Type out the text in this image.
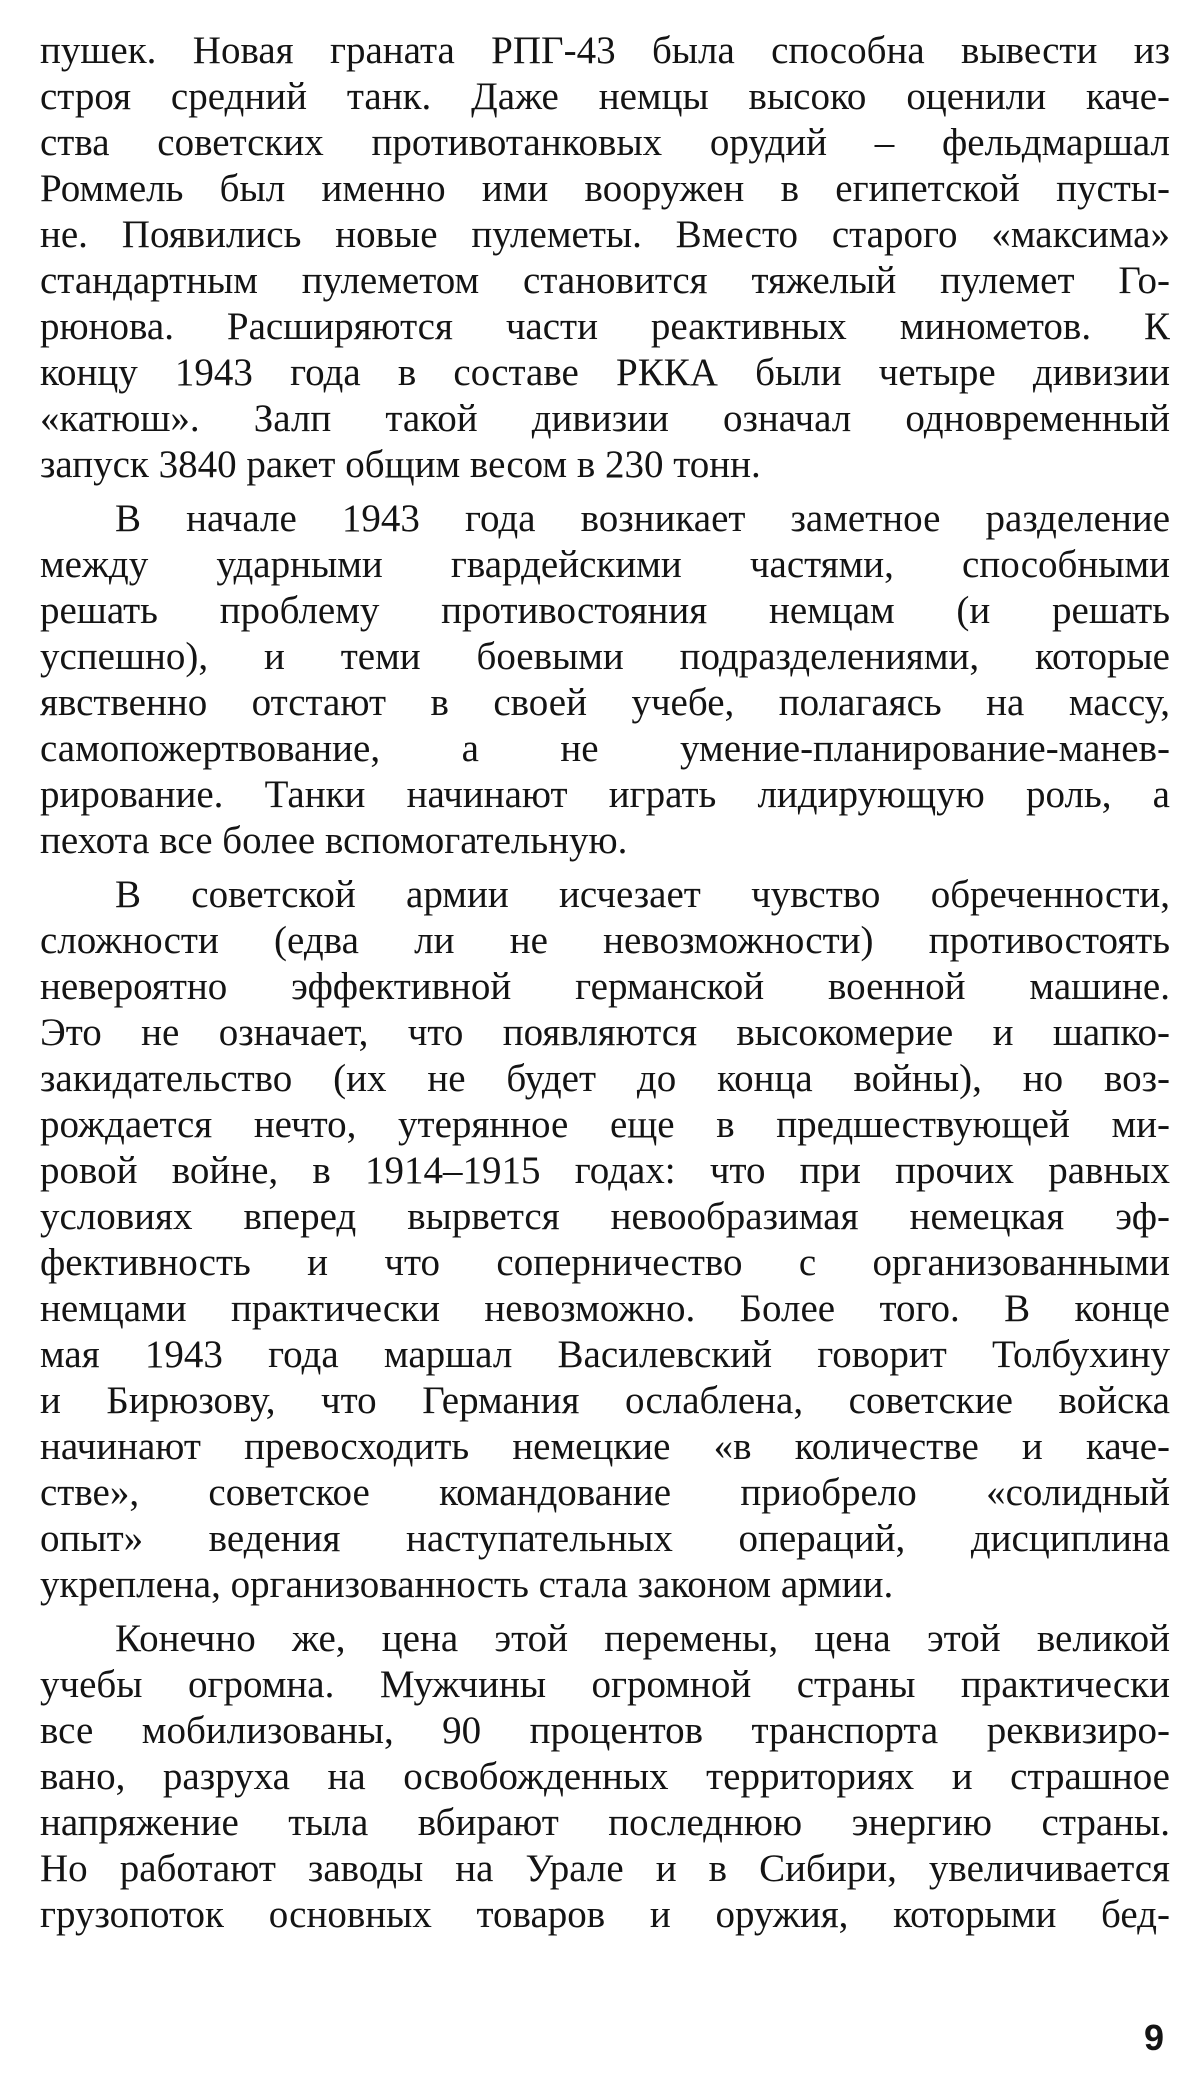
пушек. Новая граната РПГ-43 была способна вывести из
строя средний танк. Даже немцы высоко оценили каче-
ства советских противотанковых орудий – фельдмаршал
Роммель был именно ими вооружен в египетской пусты-
не. Появились новые пулеметы. Вместо старого «максима»
стандартным пулеметом становится тяжелый пулемет Го-
рюнова. Расширяются части реактивных минометов. К
концу 1943 года в составе РККА были четыре дивизии
«катюш». Залп такой дивизии означал одновременный
запуск 3840 ракет общим весом в 230 тонн.
В начале 1943 года возникает заметное разделение
между ударными гвардейскими частями, способными
решать проблему противостояния немцам (и решать
успешно), и теми боевыми подразделениями, которые
явственно отстают в своей учебе, полагаясь на массу,
самопожертвование, а не умение-планирование-манев-
рирование. Танки начинают играть лидирующую роль, а
пехота все более вспомогательную.
В советской армии исчезает чувство обреченности,
сложности (едва ли не невозможности) противостоять
невероятно эффективной германской военной машине.
Это не означает, что появляются высокомерие и шапко-
закидательство (их не будет до конца войны), но воз-
рождается нечто, утерянное еще в предшествующей ми-
ровой войне, в 1914–1915 годах: что при прочих равных
условиях вперед вырвется невообразимая немецкая эф-
фективность и что соперничество с организованными
немцами практически невозможно. Более того. В конце
мая 1943 года маршал Василевский говорит Толбухину
и Бирюзову, что Германия ослаблена, советские войска
начинают превосходить немецкие «в количестве и каче-
стве», советское командование приобрело «солидный
опыт» ведения наступательных операций, дисциплина
укреплена, организованность стала законом армии.
Конечно же, цена этой перемены, цена этой великой
учебы огромна. Мужчины огромной страны практически
все мобилизованы, 90 процентов транспорта реквизиро-
вано, разруха на освобожденных территориях и страшное
напряжение тыла вбирают последнюю энергию страны.
Но работают заводы на Урале и в Сибири, увеличивается
грузопоток основных товаров и оружия, которыми бед-
9
